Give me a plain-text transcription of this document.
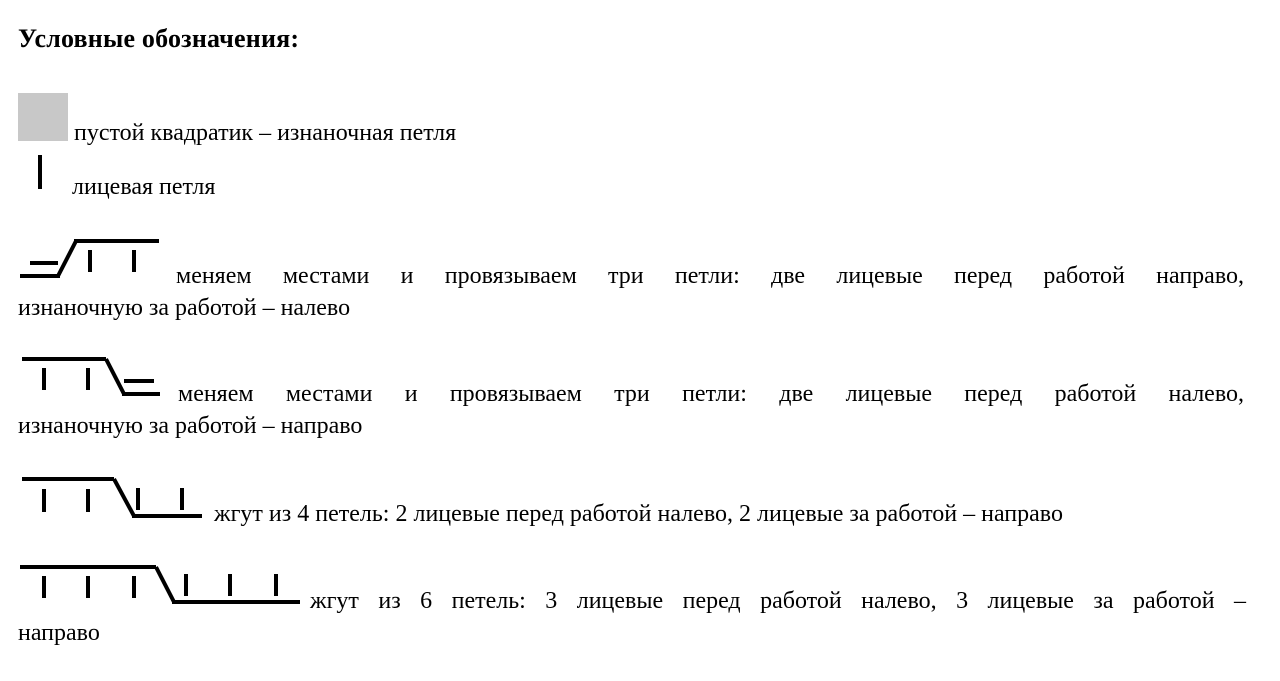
Условные обозначения:
пустой квадратик – изнаночная петля
лицевая петля
меняем местами и провязываем три петли: две лицевые перед работой направо,
изнаночную за работой – налево
меняем местами и провязываем три петли: две лицевые перед работой налево,
изнаночную за работой – направо
жгут из 4 петель: 2 лицевые перед работой налево, 2 лицевые за работой – направо
жгут из 6 петель: 3 лицевые перед работой налево, 3 лицевые за работой –
направо
